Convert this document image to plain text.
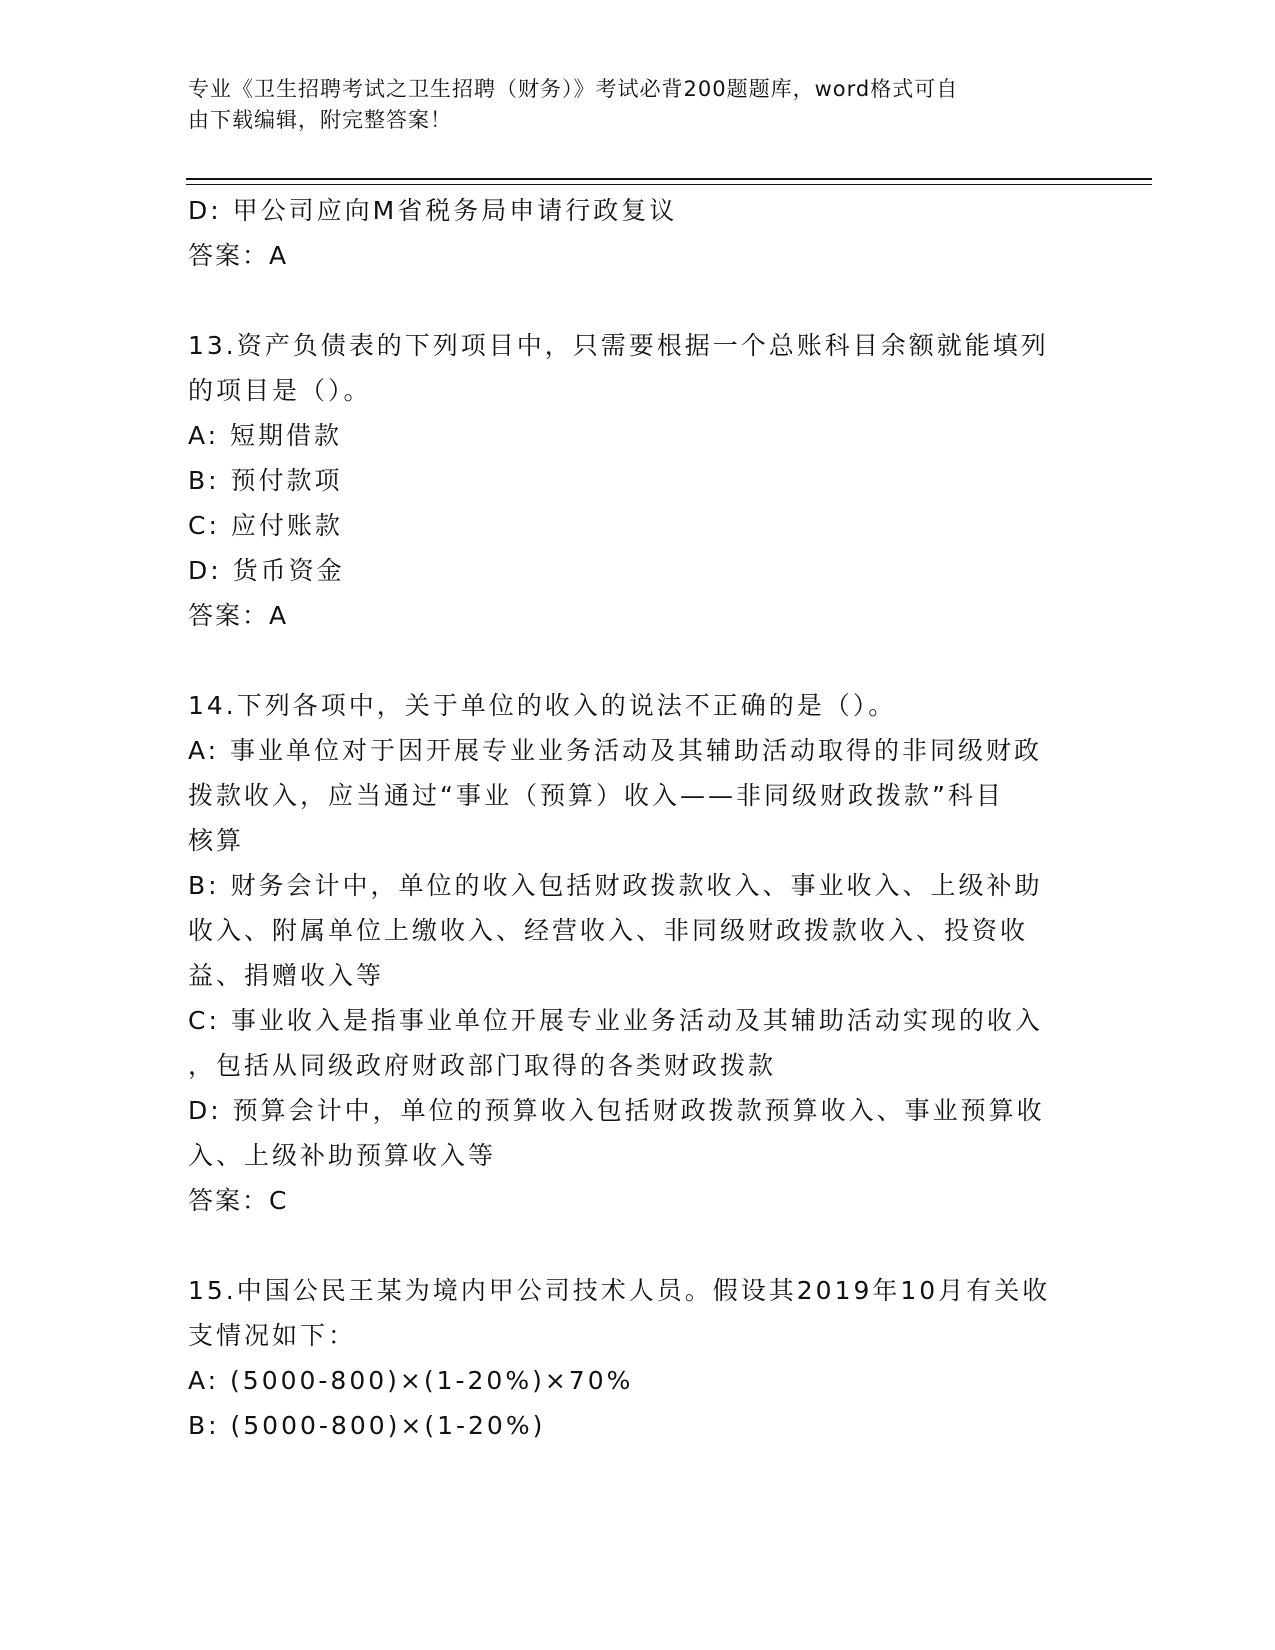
专业《卫生招聘考试之卫生招聘（财务）》考试必背200题题库，word格式可自
由下载编辑，附完整答案！
D: 甲公司应向M省税务局申请行政复议
答案：A
13.资产负债表的下列项目中，只需要根据一个总账科目余额就能填列
的项目是（）。
A: 短期借款
B: 预付款项
C: 应付账款
D: 货币资金
答案：A
14.下列各项中，关于单位的收入的说法不正确的是（）。
A: 事业单位对于因开展专业业务活动及其辅助活动取得的非同级财政
拨款收入，应当通过“事业（预算）收入——非同级财政拨款”科目
核算
B: 财务会计中，单位的收入包括财政拨款收入、事业收入、上级补助
收入、附属单位上缴收入、经营收入、非同级财政拨款收入、投资收
益、捐赠收入等
C: 事业收入是指事业单位开展专业业务活动及其辅助活动实现的收入
，包括从同级政府财政部门取得的各类财政拨款
D: 预算会计中，单位的预算收入包括财政拨款预算收入、事业预算收
入、上级补助预算收入等
答案：C
15.中国公民王某为境内甲公司技术人员。假设其2019年10月有关收
支情况如下：
A: (5000-800)×(1-20%)×70%
B: (5000-800)×(1-20%)
